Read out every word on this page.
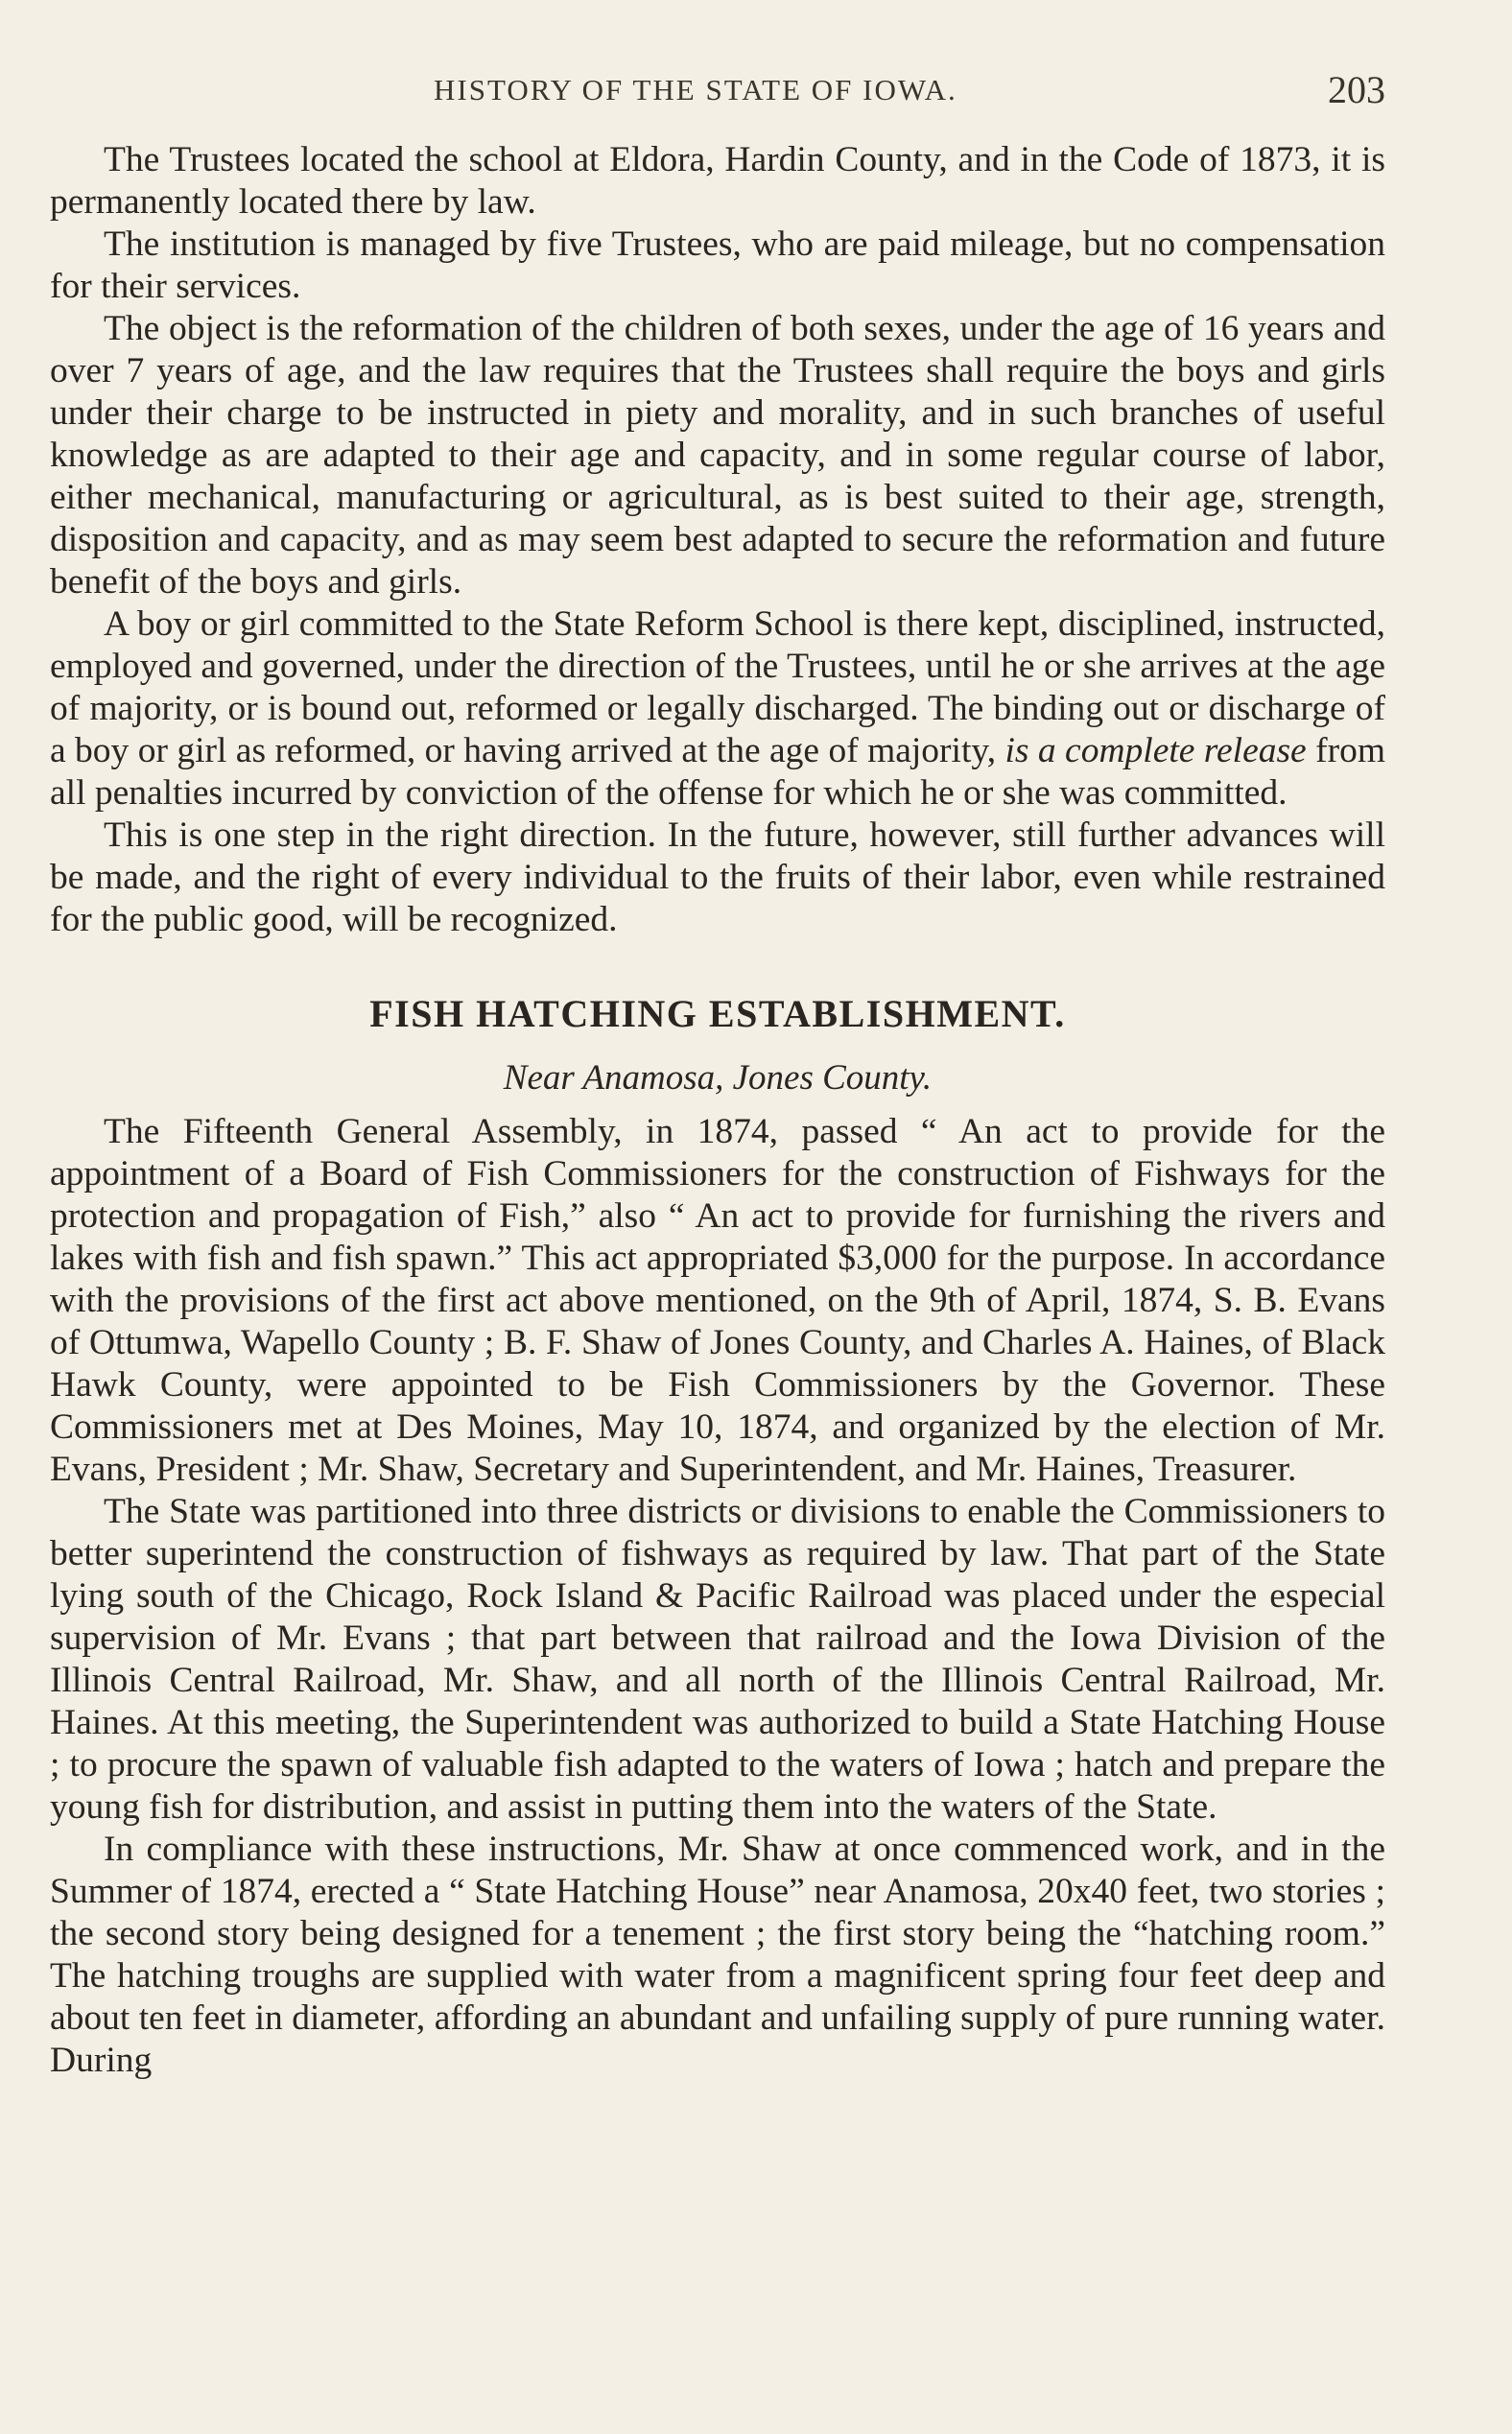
HISTORY OF THE STATE OF IOWA.	203

The Trustees located the school at Eldora, Hardin County, and in the Code of 1873, it is permanently located there by law.

The institution is managed by five Trustees, who are paid mileage, but no compensation for their services.

The object is the reformation of the children of both sexes, under the age of 16 years and over 7 years of age, and the law requires that the Trustees shall require the boys and girls under their charge to be instructed in piety and morality, and in such branches of useful knowledge as are adapted to their age and capacity, and in some regular course of labor, either mechanical, manufacturing or agricultural, as is best suited to their age, strength, disposition and capacity, and as may seem best adapted to secure the reformation and future benefit of the boys and girls.

A boy or girl committed to the State Reform School is there kept, disciplined, instructed, employed and governed, under the direction of the Trustees, until he or she arrives at the age of majority, or is bound out, reformed or legally discharged. The binding out or discharge of a boy or girl as reformed, or having arrived at the age of majority, is a complete release from all penalties incurred by conviction of the offense for which he or she was committed.

This is one step in the right direction. In the future, however, still further advances will be made, and the right of every individual to the fruits of their labor, even while restrained for the public good, will be recognized.

FISH HATCHING ESTABLISHMENT.
Near Anamosa, Jones County.

The Fifteenth General Assembly, in 1874, passed “ An act to provide for the appointment of a Board of Fish Commissioners for the construction of Fishways for the protection and propagation of Fish,” also “ An act to provide for furnishing the rivers and lakes with fish and fish spawn.” This act appropriated $3,000 for the purpose. In accordance with the provisions of the first act above mentioned, on the 9th of April, 1874, S. B. Evans of Ottumwa, Wapello County ; B. F. Shaw of Jones County, and Charles A. Haines, of Black Hawk County, were appointed to be Fish Commissioners by the Governor. These Commissioners met at Des Moines, May 10, 1874, and organized by the election of Mr. Evans, President ; Mr. Shaw, Secretary and Superintendent, and Mr. Haines, Treasurer.

The State was partitioned into three districts or divisions to enable the Commissioners to better superintend the construction of fishways as required by law. That part of the State lying south of the Chicago, Rock Island & Pacific Railroad was placed under the especial supervision of Mr. Evans ; that part between that railroad and the Iowa Division of the Illinois Central Railroad, Mr. Shaw, and all north of the Illinois Central Railroad, Mr. Haines. At this meeting, the Superintendent was authorized to build a State Hatching House ; to procure the spawn of valuable fish adapted to the waters of Iowa ; hatch and prepare the young fish for distribution, and assist in putting them into the waters of the State.

In compliance with these instructions, Mr. Shaw at once commenced work, and in the Summer of 1874, erected a “ State Hatching House” near Anamosa, 20x40 feet, two stories ; the second story being designed for a tenement ; the first story being the “hatching room.” The hatching troughs are supplied with water from a magnificent spring four feet deep and about ten feet in diameter, affording an abundant and unfailing supply of pure running water. During
